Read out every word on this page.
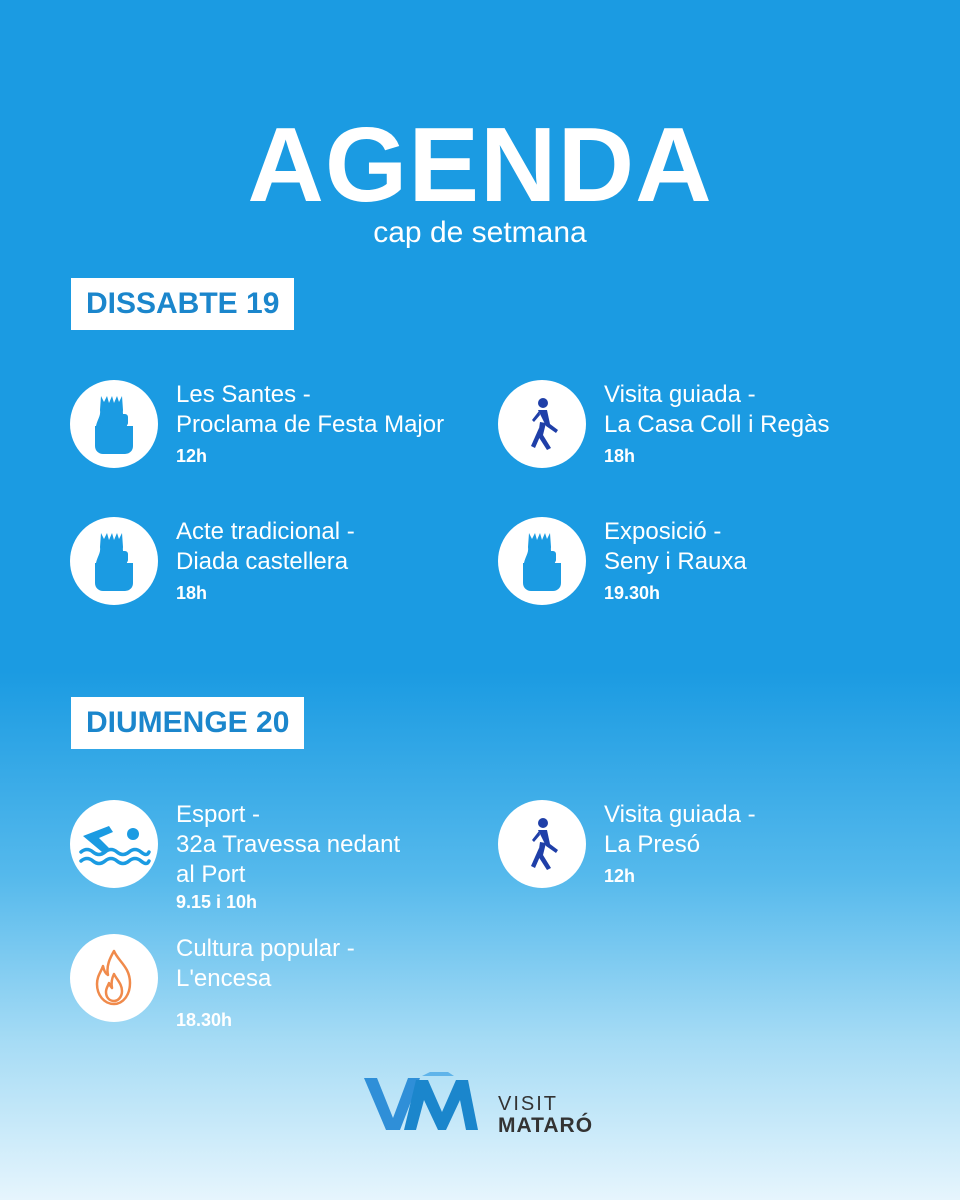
AGENDA
cap de setmana
DISSABTE 19
Les Santes -
Proclama de Festa Major
12h
Visita guiada -
La Casa Coll i Regàs
18h
Acte tradicional -
Diada castellera
18h
Exposició -
Seny i Rauxa
19.30h
DIUMENGE 20
Esport -
32a Travessa nedant
al Port
9.15 i 10h
Visita guiada -
La Presó
12h
Cultura popular -
L'encesa
18.30h
VISIT
MATARÓ
